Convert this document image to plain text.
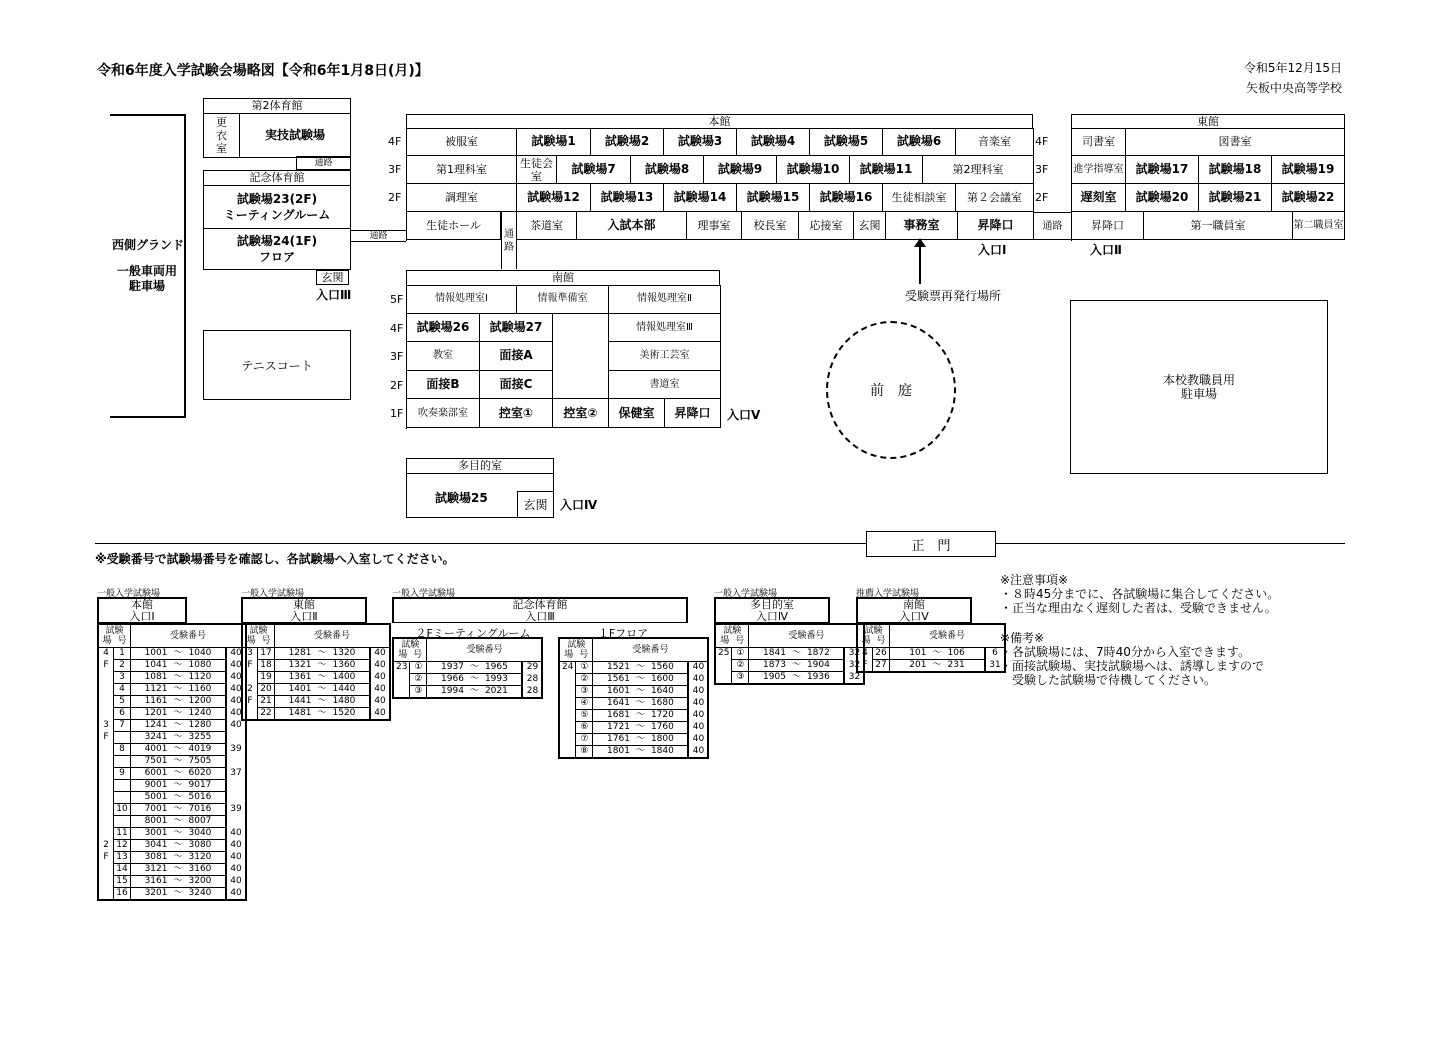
令和6年度入学試験会場略図【令和6年1月8日(月)】	令和5年12月15日
矢板中央高等学校
西側グランド
一般車両用
駐車場
テニスコート
第2体育館
更
衣
室
実技試験場
通路
記念体育館
試験場23(2F)
ミーティングルーム
試験場24(1F)
フロア
通路
玄関
入口Ⅲ
本館
4F
3F
2F
被服室	試験場1	試験場2	試験場3	試験場4	試験場5	試験場6	音楽室
第1理科室	生徒会室	試験場7	試験場8	試験場9	試験場10	試験場11	第2理科室
調理室	試験場12	試験場13	試験場14	試験場15	試験場16	生徒相談室	第２会議室
通
路
生徒ホール	茶道室	入試本部	理事室	校長室	応接室	玄関	事務室	昇降口
受験票再発行場所
入口Ⅰ
東館
4F
3F
2F
司書室	図書室
進学指導室	試験場17	試験場18	試験場19
遅刻室	試験場20	試験場21	試験場22
通路	昇降口	第一職員室	第二職員室
入口Ⅱ
南館
情報処理室Ⅰ	情報準備室	情報処理室Ⅱ
試験場26	試験場27	情報処理室Ⅲ
教室	面接A	美術工芸室
面接B	面接C	書道室
吹奏楽部室	控室①	控室②	保健室	昇降口
5F
4F
3F
2F
1F	入口Ⅴ
多目的室
試験場25	玄関 入口Ⅳ
前　庭
本校教職員用
駐車場
正　門
※受験番号で試験場番号を確認し、各試験場へ入室してください。
一般入学試験場
本館
入口Ⅰ
試験
場 号		受験番号	
4	1	1001 ～ 1040	40
F	2	1041 ～ 1080	40
	3	1081 ～ 1120	40
	4	1121 ～ 1160	40
	5	1161 ～ 1200	40
	6	1201 ～ 1240	40
3	7	1241 ～ 1280	40
F		3241 ～ 3255	
	8	4001 ～ 4019	39
		7501 ～ 7505	
	9	6001 ～ 6020	37
		9001 ～ 9017	
		5001 ～ 5016	
	10	7001 ～ 7016	39
		8001 ～ 8007	
	11	3001 ～ 3040	40
2	12	3041 ～ 3080	40
F	13	3081 ～ 3120	40
	14	3121 ～ 3160	40
	15	3161 ～ 3200	40
	16	3201 ～ 3240	40
一般入学試験場
東館
入口Ⅱ
試験
場 号		受験番号	
3	17	1281 ～ 1320	40
F	18	1321 ～ 1360	40
	19	1361 ～ 1400	40
2	20	1401 ～ 1440	40
F	21	1441 ～ 1480	40
	22	1481 ～ 1520	40
一般入学試験場
記念体育館
入口Ⅲ
２Fミーティングルーム	１Fフロア
試験
場 号		受験番号	
23	①	1937 ～ 1965	29
	②	1966 ～ 1993	28
	③	1994 ～ 2021	28
試験
場 号		受験番号	
24	①	1521 ～ 1560	40
	②	1561 ～ 1600	40
	③	1601 ～ 1640	40
	④	1641 ～ 1680	40
	⑤	1681 ～ 1720	40
	⑥	1721 ～ 1760	40
	⑦	1761 ～ 1800	40
	⑧	1801 ～ 1840	40
一般入学試験場
多目的室
入口Ⅳ
試験
場 号		受験番号	
25	①	1841 ～ 1872	32
	②	1873 ～ 1904	32
	③	1905 ～ 1936	32
推薦入学試験場
南館
入口Ⅴ
試験
場 号		受験番号	
4	26	101 ～ 106	6
F	27	201 ～ 231	31
※注意事項※
・８時45分までに、各試験場に集合してください。
・正当な理由なく遅刻した者は、受験できません。
※備考※
・各試験場には、7時40分から入室できます。
・面接試験場、実技試験場へは、誘導しますので
　受験した試験場で待機してください。
